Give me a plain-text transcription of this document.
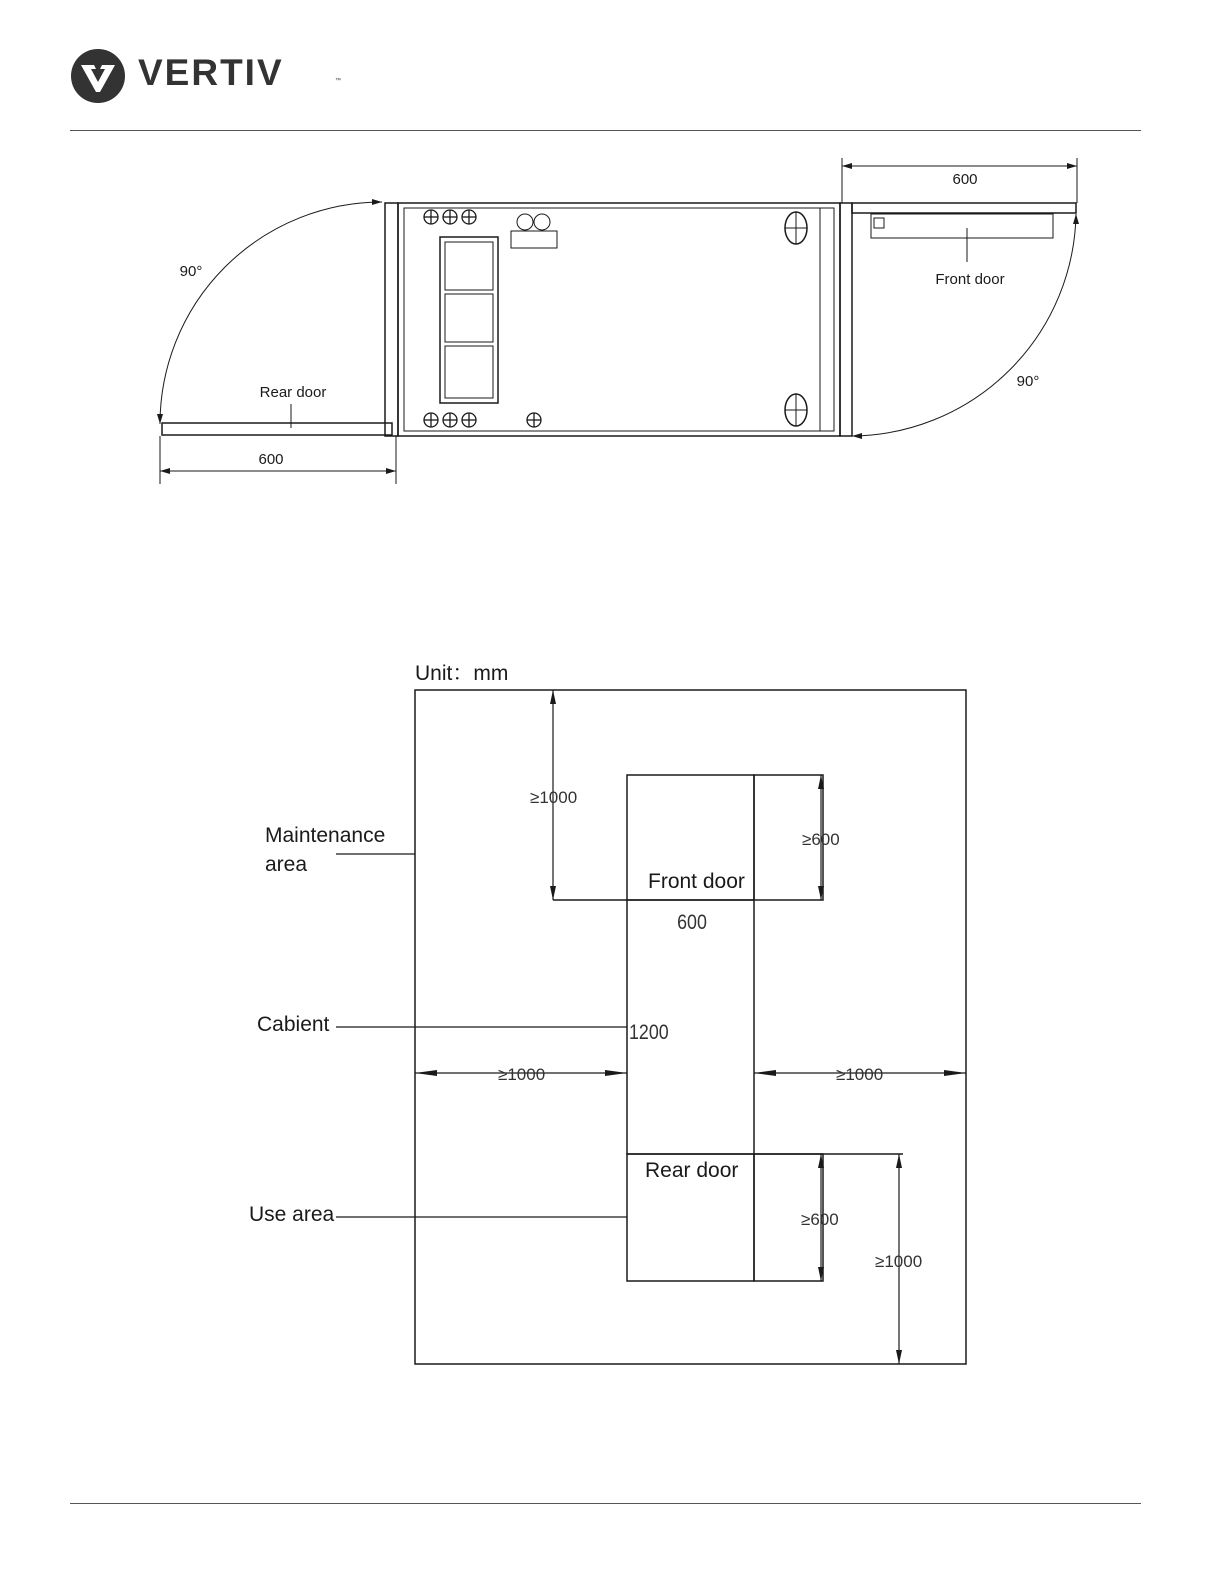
VERTIV	™
600
600
Front door
Rear door
90°
90°
Unit：mm
Maintenance
area
Cabient
Use area
Front door
Rear door
600
1200
≥1000
≥600
≥1000	≥1000
≥600
≥1000
